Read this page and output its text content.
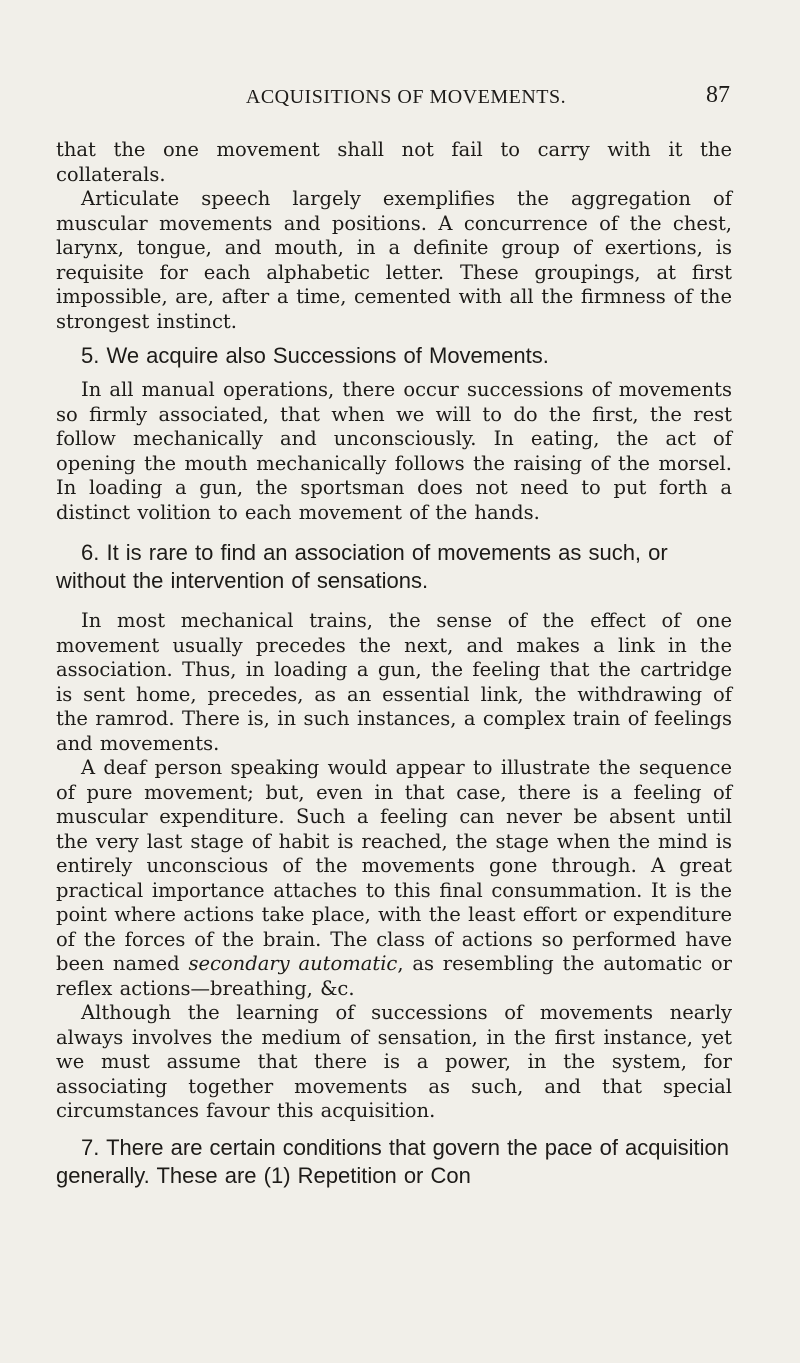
ACQUISITIONS OF MOVEMENTS.	87

that the one movement shall not fail to carry with it the collaterals.

Articulate speech largely exemplifies the aggregation of muscular movements and positions. A concurrence of the chest, larynx, tongue, and mouth, in a definite group of exertions, is requisite for each alphabetic letter. These groupings, at first impossible, are, after a time, cemented with all the firmness of the strongest instinct.

5. We acquire also Successions of Movements.

In all manual operations, there occur successions of movements so firmly associated, that when we will to do the first, the rest follow mechanically and unconsciously. In eating, the act of opening the mouth mechanically follows the raising of the morsel. In loading a gun, the sportsman does not need to put forth a distinct volition to each movement of the hands.

6. It is rare to find an association of movements as such, or without the intervention of sensations.

In most mechanical trains, the sense of the effect of one movement usually precedes the next, and makes a link in the association. Thus, in loading a gun, the feeling that the cartridge is sent home, precedes, as an essential link, the withdrawing of the ramrod. There is, in such instances, a complex train of feelings and movements.

A deaf person speaking would appear to illustrate the sequence of pure movement; but, even in that case, there is a feeling of muscular expenditure. Such a feeling can never be absent until the very last stage of habit is reached, the stage when the mind is entirely unconscious of the movements gone through. A great practical importance attaches to this final consummation. It is the point where actions take place, with the least effort or expenditure of the forces of the brain. The class of actions so performed have been named secondary automatic, as resembling the automatic or reflex actions—breathing, &c.

Although the learning of successions of movements nearly always involves the medium of sensation, in the first instance, yet we must assume that there is a power, in the system, for associating together movements as such, and that special circumstances favour this acquisition.

7. There are certain conditions that govern the pace of acquisition generally. These are (1) Repetition or Con
